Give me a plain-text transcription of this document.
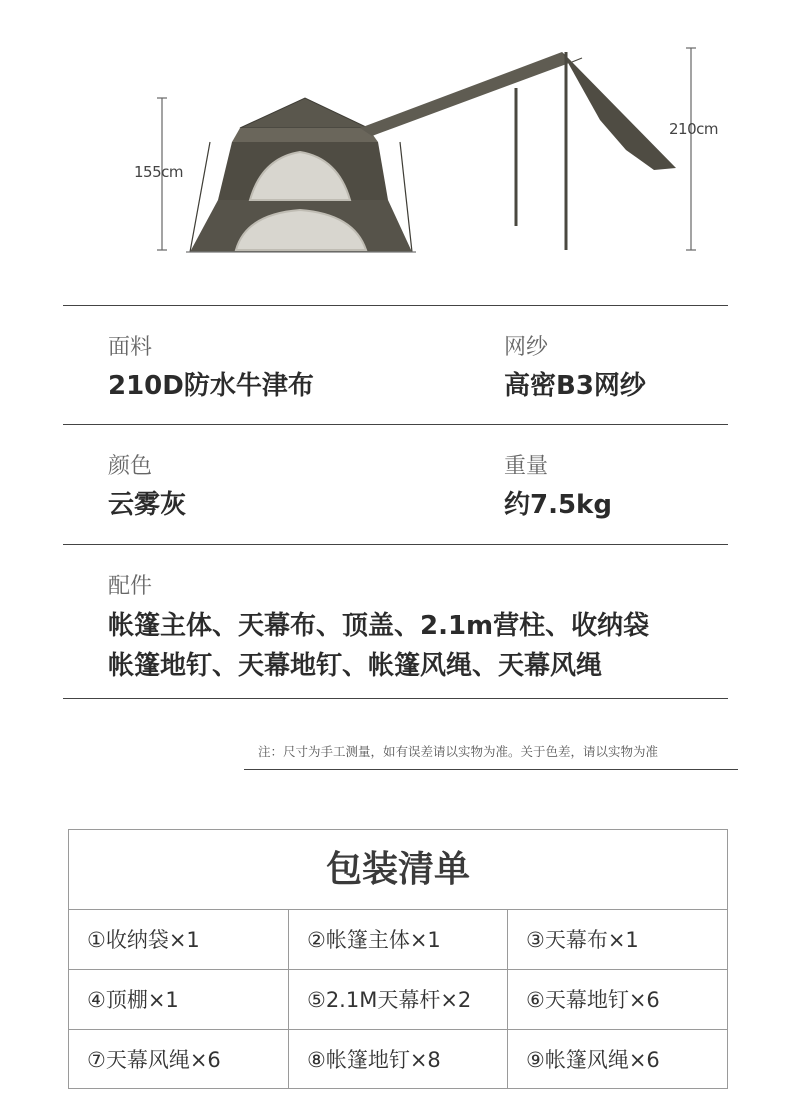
155cm
210cm
面料
210D防水牛津布
网纱
高密B3网纱
颜色
云雾灰
重量
约7.5kg
配件
帐篷主体、天幕布、顶盖、2.1m营柱、收纳袋
帐篷地钉、天幕地钉、帐篷风绳、天幕风绳
注：尺寸为手工测量，如有误差请以实物为准。关于色差，请以实物为准
包装清单
①收纳袋×1	②帐篷主体×1	③天幕布×1
④顶棚×1	⑤2.1M天幕杆×2	⑥天幕地钉×6
⑦天幕风绳×6	⑧帐篷地钉×8	⑨帐篷风绳×6
